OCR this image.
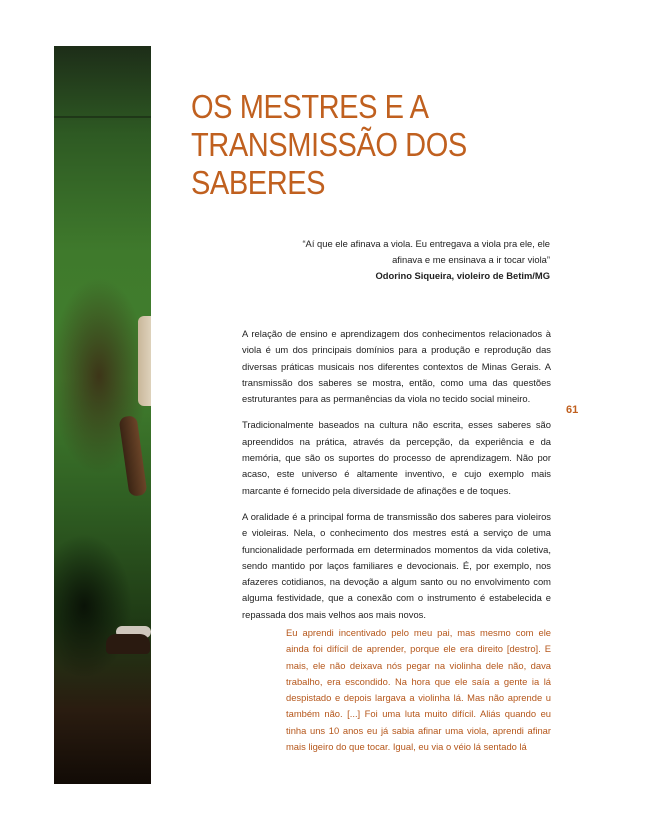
OS MESTRES E A
TRANSMISSÃO DOS SABERES
“Aí que ele afinava a viola. Eu entregava a viola pra ele, ele afinava e me ensinava a ir tocar viola”
Odorino Siqueira, violeiro de Betim/MG
61

A relação de ensino e aprendizagem dos conhecimentos relacionados à viola é um dos principais domínios para a produção e reprodução das diversas práticas musicais nos diferentes contextos de Minas Gerais. A transmissão dos saberes se mostra, então, como uma das questões estruturantes para as permanências da viola no tecido social mineiro.

Tradicionalmente baseados na cultura não escrita, esses saberes são apreendidos na prática, através da percepção, da experiência e da memória, que são os suportes do processo de aprendizagem. Não por acaso, este universo é altamente inventivo, e cujo exemplo mais marcante é fornecido pela diversidade de afinações e de toques.

A oralidade é a principal forma de transmissão dos saberes para violeiros e violeiras. Nela, o conhecimento dos mestres está a serviço de uma funcionalidade performada em determinados momentos da vida coletiva, sendo mantido por laços familiares e devocionais. É, por exemplo, nos afazeres cotidianos, na devoção a algum santo ou no envolvimento com alguma festividade, que a conexão com o instrumento é estabelecida e repassada dos mais velhos aos mais novos.

Eu aprendi incentivado pelo meu pai, mas mesmo com ele ainda foi difícil de aprender, porque ele era direito [destro]. E mais, ele não deixava nós pegar na violinha dele não, dava trabalho, era escondido. Na hora que ele saía a gente ia lá despistado e depois largava a violinha lá. Mas não aprende u também não. [...] Foi uma luta muito difícil. Aliás quando eu tinha uns 10 anos eu já sabia afinar uma viola, aprendi afinar mais ligeiro do que tocar. Igual, eu via o véio lá sentado lá
